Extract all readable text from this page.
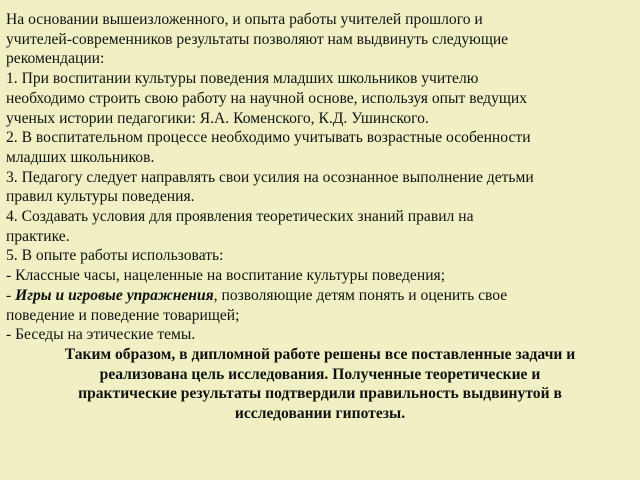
На основании вышеизложенного, и опыта работы учителей прошлого и
учителей-современников результаты позволяют нам выдвинуть следующие
рекомендации:
1. При воспитании культуры поведения младших школьников учителю
необходимо строить свою работу на научной основе, используя опыт ведущих
ученых истории педагогики: Я.А. Коменского, К.Д. Ушинского.
2. В воспитательном процессе необходимо учитывать возрастные особенности
младших школьников.
3. Педагогу следует направлять свои усилия на осознанное выполнение детьми
правил культуры поведения.
4. Создавать условия для проявления теоретических знаний правил на
практике.
5. В опыте работы использовать:
- Классные часы, нацеленные на воспитание культуры поведения;
- Игры и игровые упражнения, позволяющие детям понять и оценить свое
поведение и поведение товарищей;
- Беседы на этические темы.
Таким образом, в дипломной работе решены все поставленные задачи и
реализована цель исследования. Полученные теоретические и
практические результаты подтвердили правильность выдвинутой в
исследовании гипотезы.
